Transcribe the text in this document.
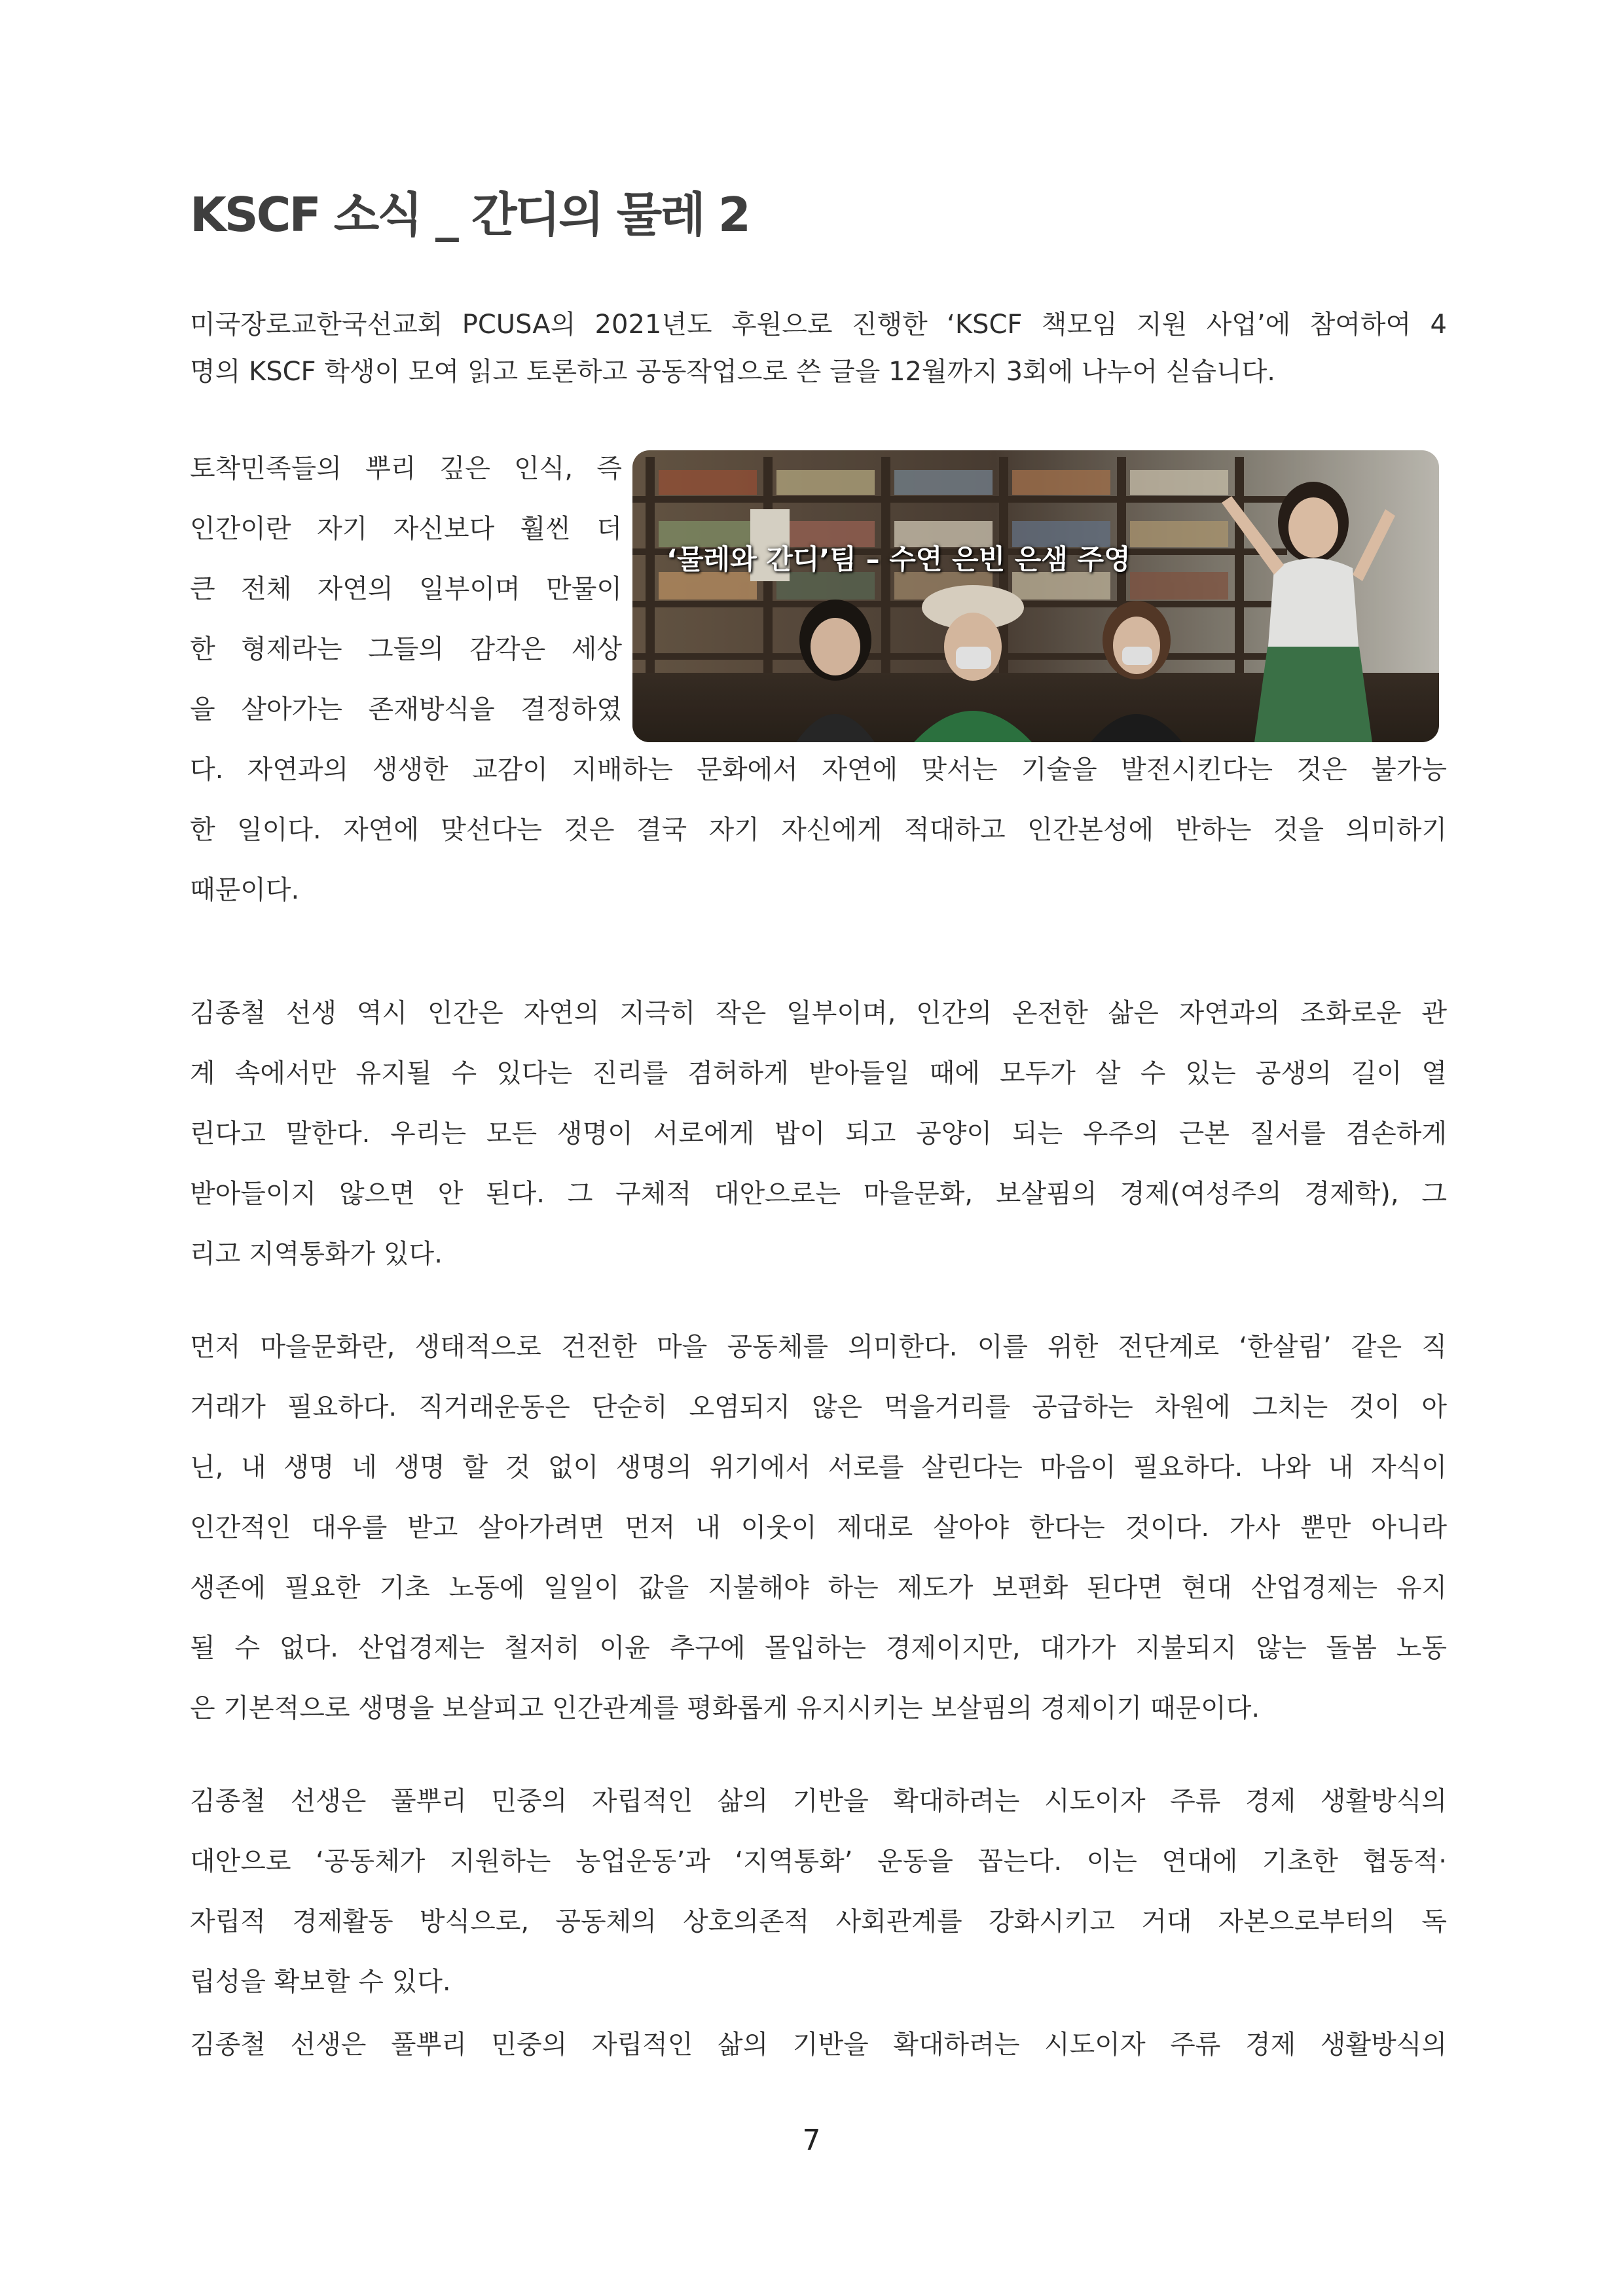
KSCF 소식 _ 간디의 물레 2

미국장로교한국선교회 PCUSA의 2021년도 후원으로 진행한 ‘KSCF 책모임 지원 사업’에 참여하여 4
명의 KSCF 학생이 모여 읽고 토론하고 공동작업으로 쓴 글을 12월까지 3회에 나누어 싣습니다.

‘물레와 간디’팀 – 수연 은빈 은샘 주영

토착민족들의 뿌리 깊은 인식, 즉
인간이란 자기 자신보다 훨씬 더
큰 전체 자연의 일부이며 만물이
한 형제라는 그들의 감각은 세상
을 살아가는 존재방식을 결정하였

다. 자연과의 생생한 교감이 지배하는 문화에서 자연에 맞서는 기술을 발전시킨다는 것은 불가능
한 일이다. 자연에 맞선다는 것은 결국 자기 자신에게 적대하고 인간본성에 반하는 것을 의미하기
때문이다.

김종철 선생 역시 인간은 자연의 지극히 작은 일부이며, 인간의 온전한 삶은 자연과의 조화로운 관
계 속에서만 유지될 수 있다는 진리를 겸허하게 받아들일 때에 모두가 살 수 있는 공생의 길이 열
린다고 말한다. 우리는 모든 생명이 서로에게 밥이 되고 공양이 되는 우주의 근본 질서를 겸손하게
받아들이지 않으면 안 된다. 그 구체적 대안으로는 마을문화, 보살핌의 경제(여성주의 경제학), 그
리고 지역통화가 있다.

먼저 마을문화란, 생태적으로 건전한 마을 공동체를 의미한다. 이를 위한 전단계로 ‘한살림’ 같은 직
거래가 필요하다. 직거래운동은 단순히 오염되지 않은 먹을거리를 공급하는 차원에 그치는 것이 아
닌, 내 생명 네 생명 할 것 없이 생명의 위기에서 서로를 살린다는 마음이 필요하다. 나와 내 자식이
인간적인 대우를 받고 살아가려면 먼저 내 이웃이 제대로 살아야 한다는 것이다. 가사 뿐만 아니라
생존에 필요한 기초 노동에 일일이 값을 지불해야 하는 제도가 보편화 된다면 현대 산업경제는 유지
될 수 없다. 산업경제는 철저히 이윤 추구에 몰입하는 경제이지만, 대가가 지불되지 않는 돌봄 노동
은 기본적으로 생명을 보살피고 인간관계를 평화롭게 유지시키는 보살핌의 경제이기 때문이다.

김종철 선생은 풀뿌리 민중의 자립적인 삶의 기반을 확대하려는 시도이자 주류 경제 생활방식의
대안으로 ‘공동체가 지원하는 농업운동’과 ‘지역통화’ 운동을 꼽는다. 이는 연대에 기초한 협동적·
자립적 경제활동 방식으로, 공동체의 상호의존적 사회관계를 강화시키고 거대 자본으로부터의 독
립성을 확보할 수 있다.

김종철 선생은 풀뿌리 민중의 자립적인 삶의 기반을 확대하려는 시도이자 주류 경제 생활방식의

7
